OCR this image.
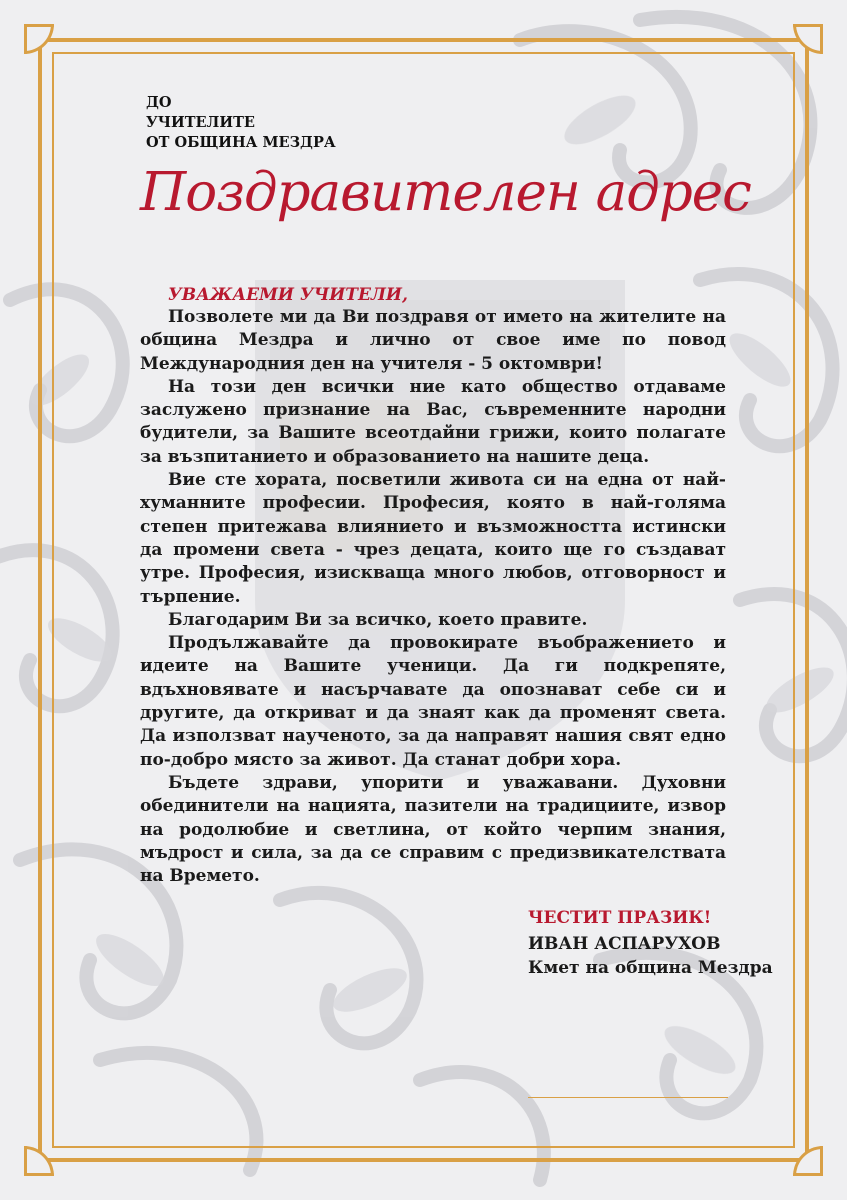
ДО
УЧИТЕЛИТЕ
ОТ ОБЩИНА МЕЗДРА
Поздравителен адрес
УВАЖАЕМИ УЧИТЕЛИ,

Позволете ми да Ви поздравя от името на жителите на община Мездра и лично от свое име по повод Международния ден на учителя - 5 октомври!

На този ден всички ние като общество отдаваме заслужено признание на Вас, съвременните народни будители, за Вашите всеотдайни грижи, които полагате за възпитанието и образованието на нашите деца.

Вие сте хората, посветили живота си на една от най-хуманните професии. Професия, която в най-голяма степен притежава влиянието и възможността истински да промени света - чрез децата, които ще го създават утре. Професия, изискваща много любов, отговорност и търпение.

Благодарим Ви за всичко, което правите.

Продължавайте да провокирате въображението и идеите на Вашите ученици. Да ги подкрепяте, вдъхновявате и насърчавате да опознават себе си и другите, да откриват и да знаят как да променят света. Да използват наученото, за да направят нашия свят едно по-добро място за живот. Да станат добри хора.

Бъдете здрави, упорити и уважавани. Духовни обединители на нацията, пазители на традициите, извор на родолюбие и светлина, от който черпим знания, мъдрост и сила, за да се справим с предизвикателствата на Времето.

ЧЕСТИТ ПРАЗИК!
ИВАН АСПАРУХОВ
Кмет на община Мездра
